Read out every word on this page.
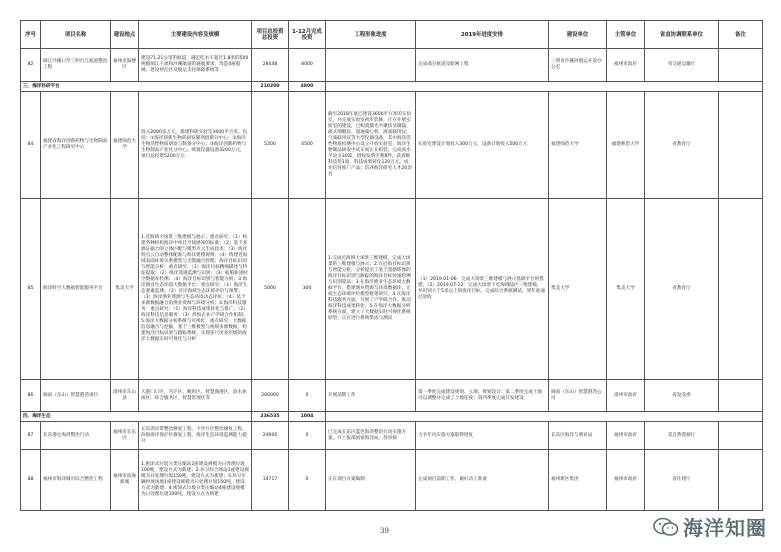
序号	项目名称	建设地点	主要建设内容及规模	项目总投资总投资	1-12月完成投资	工程形象进度	2019年进度安排	建设单位	主管单位	省直协调联系单位	备注
82	闽江沙溪口至三明台江航道整治工程	福州市鼓楼区	建设71.21公里的航道，满足吃水不超过1.8米的500吨级闽江干流和沙溪航道的通航要求，改造4座船闸、建设停泊区及航运支持保障系统等	28448	8000		完成部分航道及船闸工程	三明市沙溪河航运开发办公室	福州市政府	省交通运输厅	
三、海洋科研平台				210200	4800						
84	福建省海洋创新药物与生物制品产业化工程研究中心	福建师范大学	投入2000多万元，新建科研实验室3600平方米。包括：①海洋创新生物药研发制剂创新分中心；②海洋生物活性物质研发与制备分中心；③海洋创新药物与生物制品产业化分中心。购置仪器设备3200万元，项目总投资5200万元	5200	4500	截至2018年底已建设3600平方米的实验室，并完成实验室初步装修，正在开展实验室的建设，已购置激光共聚焦显微镜、流式细胞仪、超速离心机、液质联用仪、气质联用仪等大型仪器设备，其中海洋活性物质检测中心设立开放实验室，海洋生物制品研发中试车间正在组装。完成高水平论文30篇，授权发明专利8件，获省级科技奖1项，科技成果转化120万元，成功培育推广产品；培养海洋研究人才20余名	实验室建设计划投入300万元，设备计划投入500万元	福建师范大学	福建师范大学	省教育厅	
85	海洋时空大数据智能服务平台	集美大学	1.近海域大场景三维建模与展示；重点研究：（1）构建各种机构海洋中单目空间感知的标准；（2）基于多源证据合的立体匹配与模型点云生成技术；（3）海洋特点云自动整体配准与海洋建模规则；（4）构建近海域表面环境关系模型与无缝融合管理；海洋目标识别与智能分析：重点研究：（1）海洋目标精细描述与特征提取；（2）海洋遥感监测与识别；（3）船舶轨迹时空数据库检测；（4）海洋目标识别与智能分析；3.海洋渔业生态环境大数据平台：重点研究：（1）海洋生态要素监测；（2）近岸海域生态环境评价与预警；（3）海洋渔业资源与生态环境动态评价；（4）基于多源数据融合的渔业资源与环境分析；4.海洋科技服务：重点研究：（1）海洋科技成果转化与推广；（2）海洋科技信息服务；（3）涉海企业产学研合作机制；5.海洋大数据分析系统与可视化；重点研究：大数据信息融合与挖掘，基于三维模型与视频多源数据，构建海洋目标识别与跟踪系统，实现多尺度多层级的海洋大数据实时可视化与分析	5000	300	1.完成近海域大场景三维建模，完成大场景的三维建模与展示；2.在近海目标识别与智能分析，分析提出了基于遥感影像的海洋目标识别与跟踪的海洋目标快速检测与识别算法；3.在海洋渔业生态环境大数据平台，搭建渔业资源与环境数据库，完成生态环境评价模型框架研究；4.在海洋科技服务方面，开展了产学研合作，推动海洋科技成果转化；5.在海洋大数据分析系统方面，建立了大数据实时可视化系统原型，正在进行系统集成与测试	（1）2019.01-06：完成大场景三维建模与展示基础平台的搭建；（2）2019.07-12：完成大场景下近海域陆区三维建模，并识别大于5米以上的海洋目标，完成综合系统测试，到年底通过验收	集美大学	集美大学	省教育厅	
86	闽南（东山）智慧港湾项目	漳州市东山县	大港门口区、宫仔区、鲍鱼区、智慧渔港区、滨水休闲区、综合服务区、智慧管理区等	200000	0	开展前期工作	第一季度完成建设规划、立项、规划设计；第二季度完成土地可以调整并完成了土地征收；第四季度完成开发建设	闽南（东山）智慧港湾公司	漳州市政府	省发改委	
四、海洋生态				236535	1004						
87	长乐港仓海湾整治行动	福州市长乐区	长乐湾岸带整治修复工程，下沙片区整治修复工程、滨海海洋保护区修复工程、海洋生态环境监测能力提升	24900	0	已完成长乐区蓝色海湾整治行动实施方案，并上报部国家海洋局；待审核	力争年内实施方案取得批复	长乐区海洋与渔业局	福州市政府	省自然资源厅	
88	福州市海洋城市综合整治工程	福州市滨海新城	1.密闭式垃圾分类压缩站2座建设规模为日处理垃圾100吨，建设方式为新建；2.环卫综合场站1座建设规模为日处理垃圾150吨，建设方式为新建；3.环卫车辆停放场地1座建设规模为日处理垃圾150吨，建设方式为新建；4.密闭式垃圾分类压缩站4座建设规模为日处理垃圾100吨，建设方式为新建	14717	0	正在项目方案编制	完成项目前期工作，做好动工准备	福州新区集团	福州市政府	省住建厅	
39	海洋知圈
